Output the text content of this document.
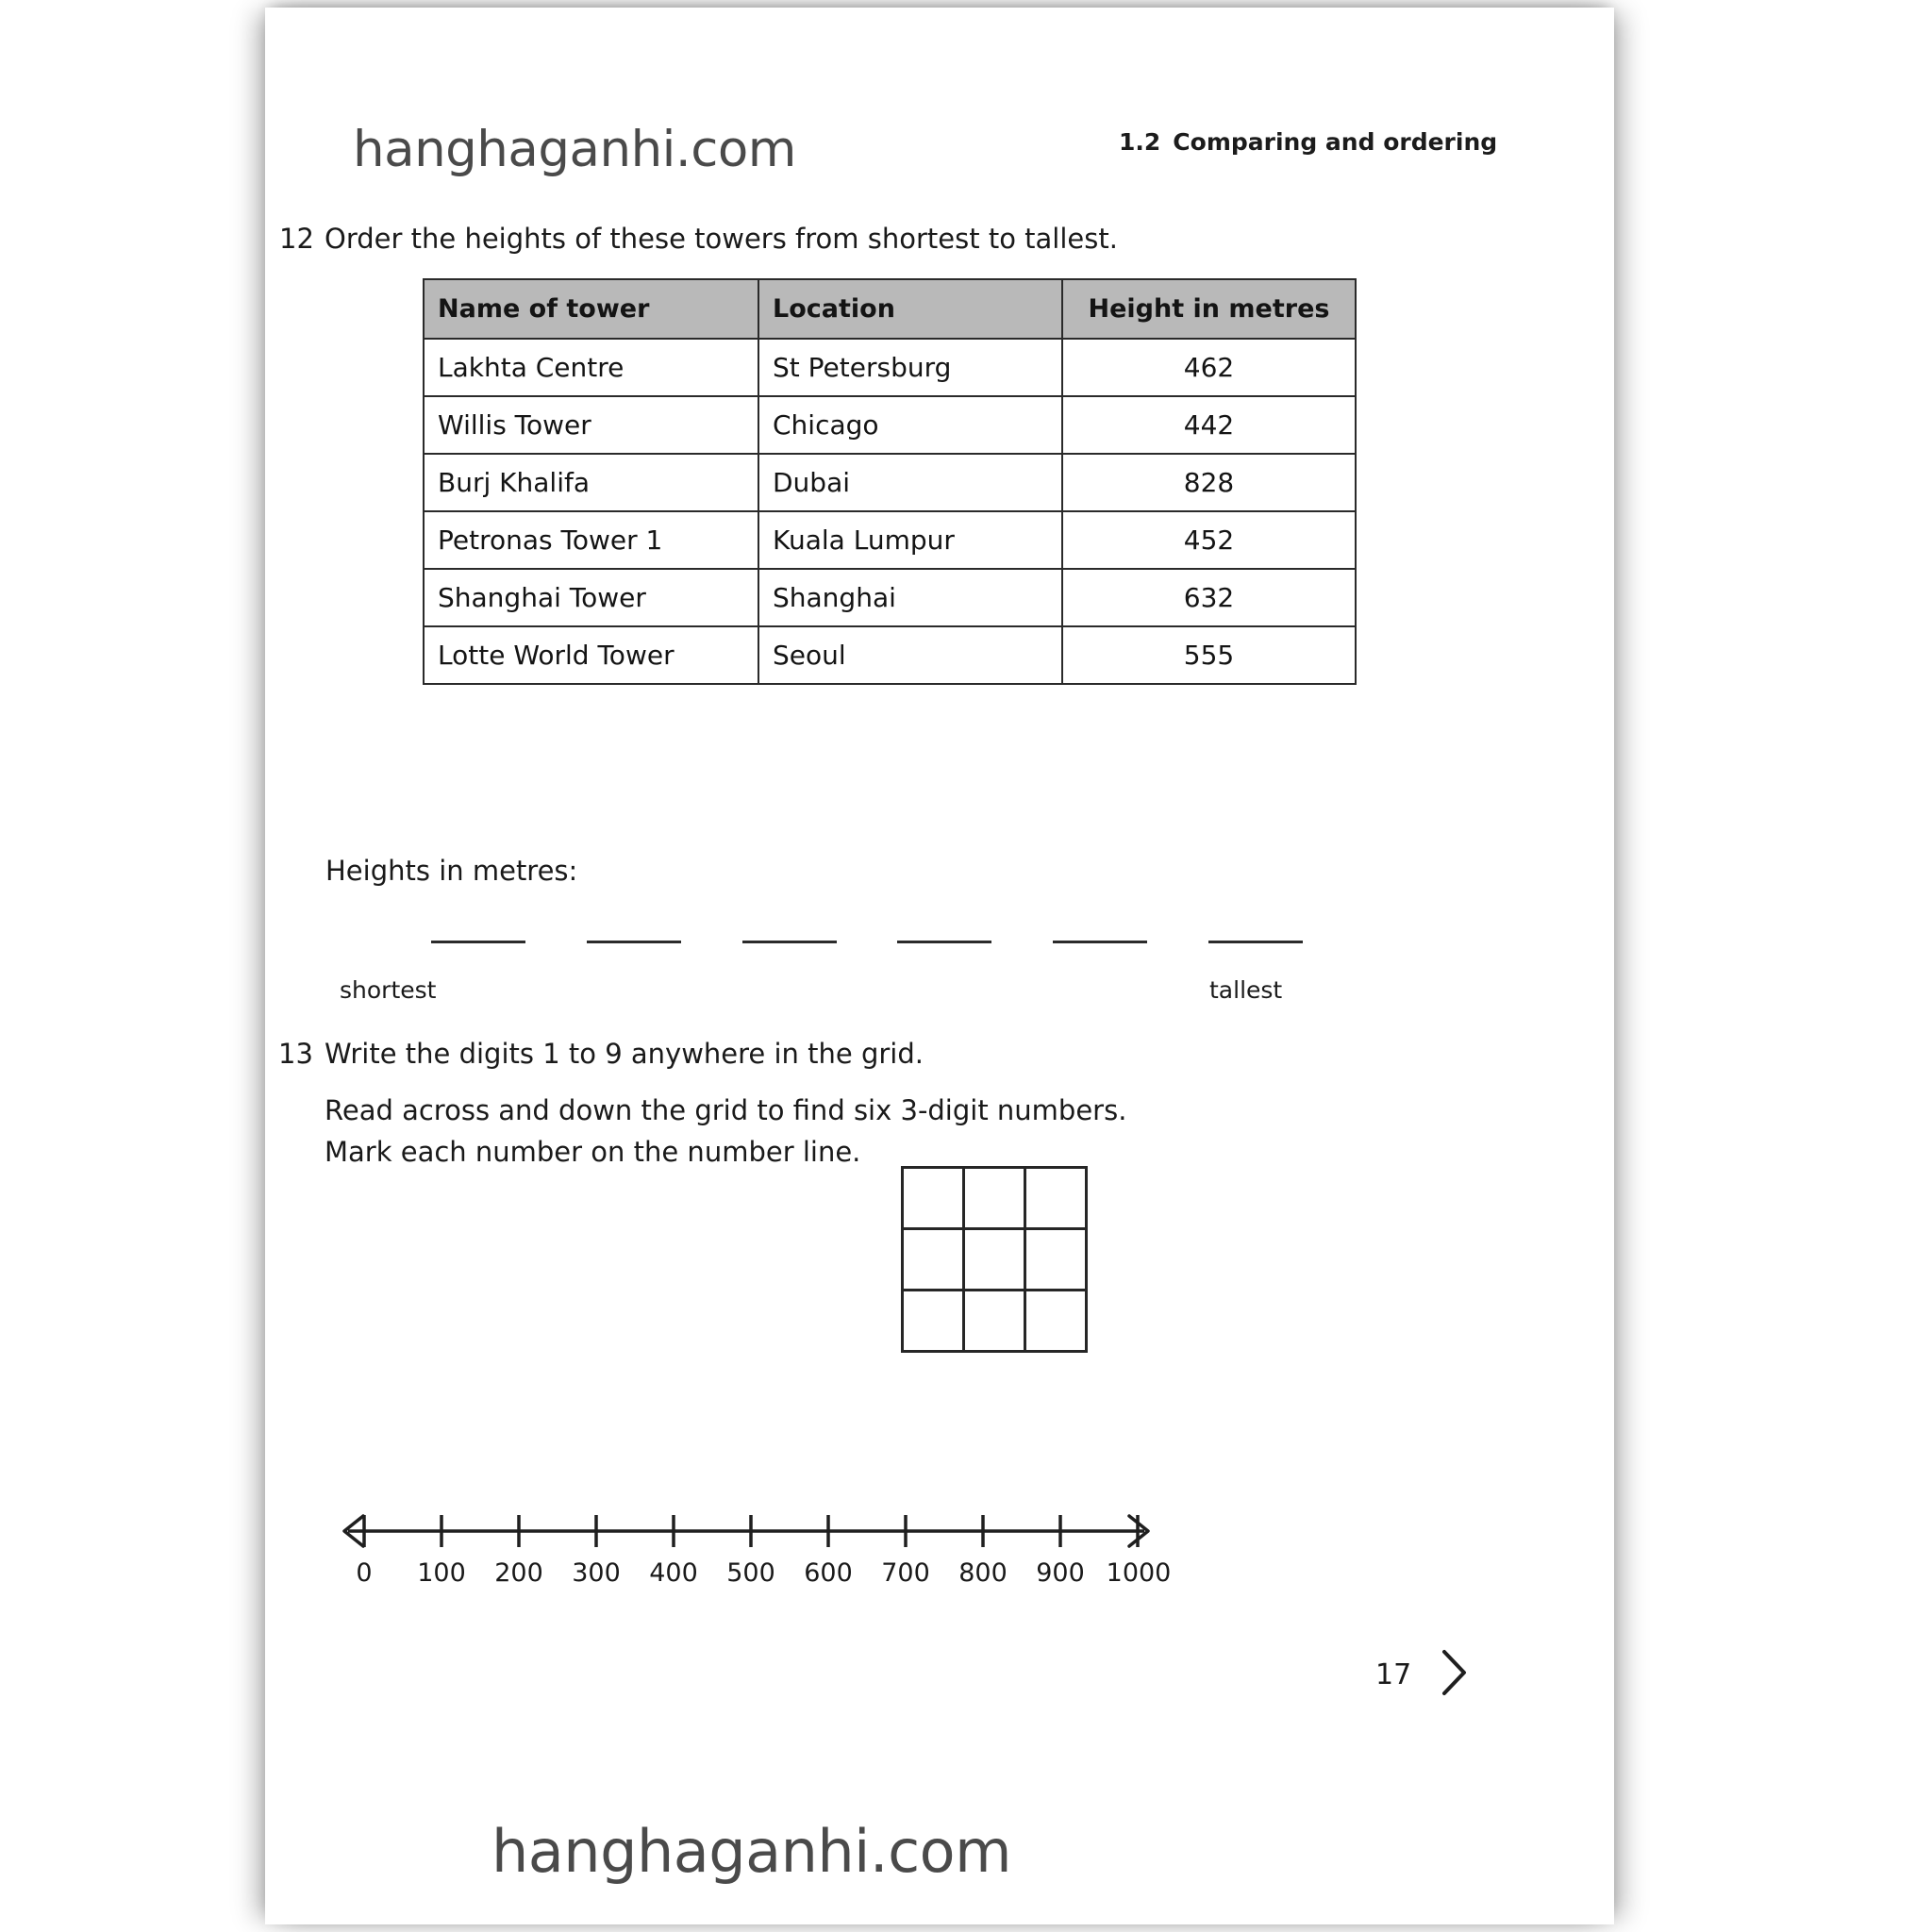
hanghaganhi.com	1.2 Comparing and ordering
12 Order the heights of these towers from shortest to tallest.
Name of tower	Location	Height in metres
Lakhta Centre	St Petersburg	462
Willis Tower	Chicago	442
Burj Khalifa	Dubai	828
Petronas Tower 1	Kuala Lumpur	452
Shanghai Tower	Shanghai	632
Lotte World Tower	Seoul	555
Heights in metres:
shortest	tallest
13 Write the digits 1 to 9 anywhere in the grid.
Read across and down the grid to find six 3-digit numbers.
Mark each number on the number line.
0 100 200 300 400 500 600 700 800 900 1000
17
hanghaganhi.com
